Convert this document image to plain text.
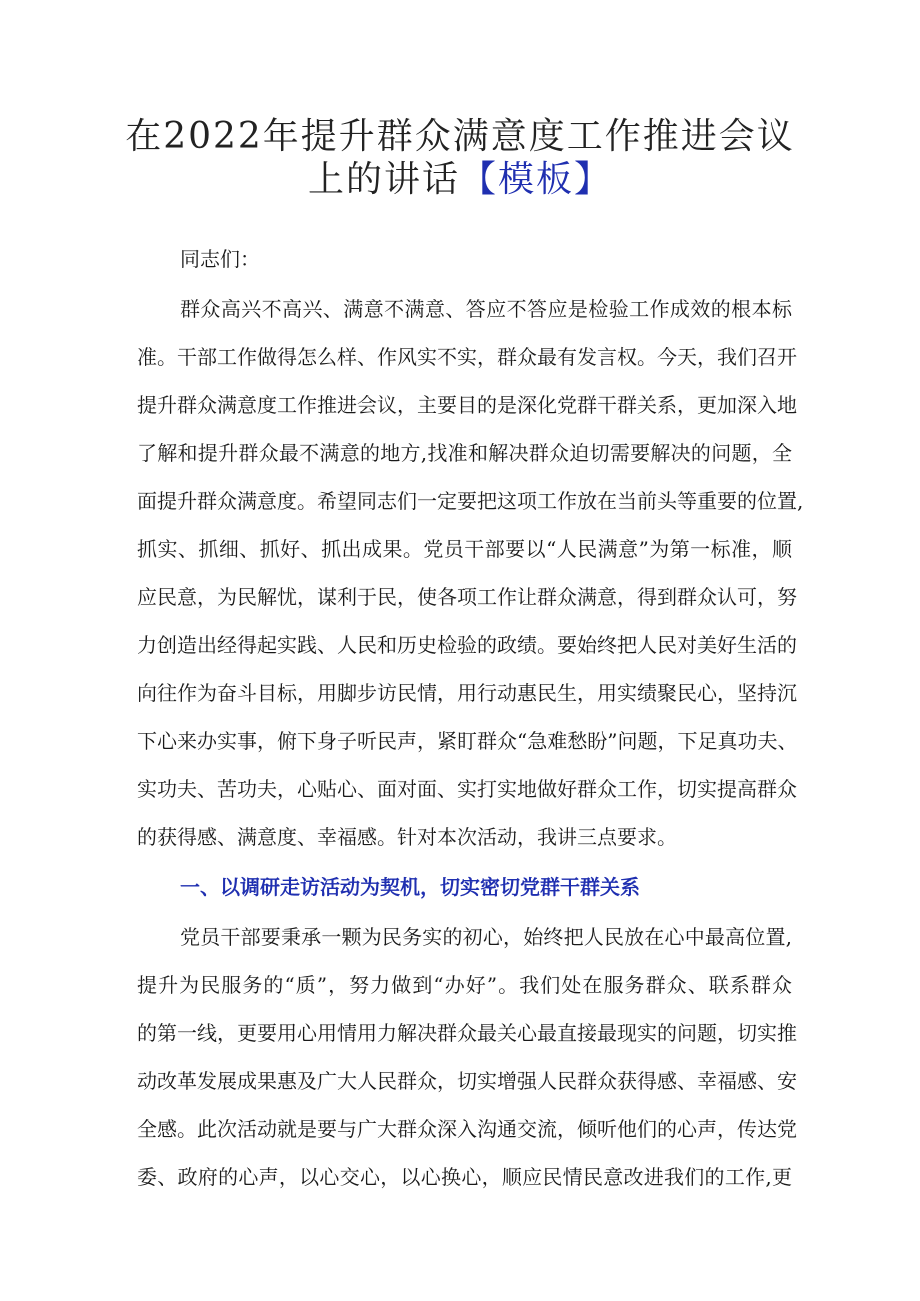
在2022年提升群众满意度工作推进会议
上的讲话【模板】

同志们：

群众高兴不高兴、满意不满意、答应不答应是检验工作成效的根本标

准。干部工作做得怎么样、作风实不实，群众最有发言权。今天，我们召开

提升群众满意度工作推进会议，主要目的是深化党群干群关系，更加深入地

了解和提升群众最不满意的地方,找准和解决群众迫切需要解决的问题，全

面提升群众满意度。希望同志们一定要把这项工作放在当前头等重要的位置,

抓实、抓细、抓好、抓出成果。党员干部要以“人民满意”为第一标准，顺

应民意，为民解忧，谋利于民，使各项工作让群众满意，得到群众认可，努

力创造出经得起实践、人民和历史检验的政绩。要始终把人民对美好生活的

向往作为奋斗目标，用脚步访民情，用行动惠民生，用实绩聚民心，坚持沉

下心来办实事，俯下身子听民声，紧盯群众“急难愁盼”问题，下足真功夫、

实功夫、苦功夫，心贴心、面对面、实打实地做好群众工作，切实提高群众

的获得感、满意度、幸福感。针对本次活动，我讲三点要求。

一、以调研走访活动为契机，切实密切党群干群关系

党员干部要秉承一颗为民务实的初心，始终把人民放在心中最高位置,

提升为民服务的“质”，努力做到“办好”。我们处在服务群众、联系群众

的第一线，更要用心用情用力解决群众最关心最直接最现实的问题，切实推

动改革发展成果惠及广大人民群众，切实增强人民群众获得感、幸福感、安

全感。此次活动就是要与广大群众深入沟通交流，倾听他们的心声，传达党

委、政府的心声，以心交心，以心换心，顺应民情民意改进我们的工作,更
